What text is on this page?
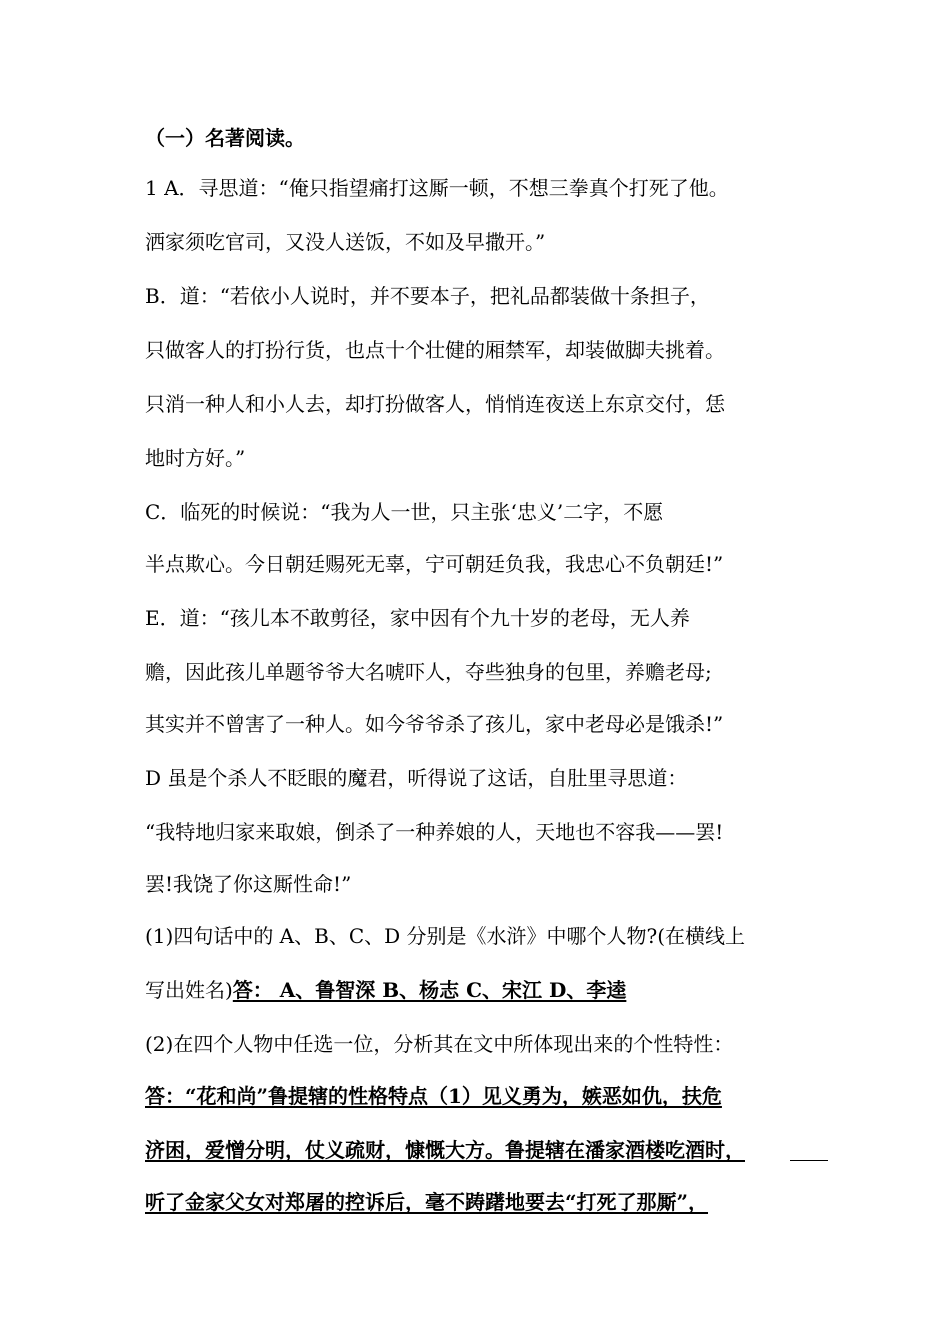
（一）名著阅读。
1 A．寻思道：“俺只指望痛打这厮一顿，不想三拳真个打死了他。
洒家须吃官司，又没人送饭，不如及早撒开。”
B．道：“若依小人说时，并不要本子，把礼品都装做十条担子，
只做客人的打扮行货，也点十个壮健的厢禁军，却装做脚夫挑着。
只消一种人和小人去，却打扮做客人，悄悄连夜送上东京交付，恁
地时方好。”
C．临死的时候说：“我为人一世，只主张‘忠义’二字，不愿
半点欺心。今日朝廷赐死无辜，宁可朝廷负我，我忠心不负朝廷!”
E．道：“孩儿本不敢剪径，家中因有个九十岁的老母，无人养
赡，因此孩儿单题爷爷大名唬吓人，夺些独身的包里，养赡老母;
其实并不曾害了一种人。如今爷爷杀了孩儿，家中老母必是饿杀!”
D 虽是个杀人不眨眼的魔君，听得说了这话，自肚里寻思道：
“我特地归家来取娘，倒杀了一种养娘的人，天地也不容我——罢!
罢!我饶了你这厮性命!”
(1)四句话中的 A、B、C、D 分别是《水浒》中哪个人物?(在横线上
写出姓名)答： A、鲁智深 B、杨志 C、宋江 D、李逵
(2)在四个人物中任选一位，分析其在文中所体现出来的个性特性：
答：“花和尚”鲁提辖的性格特点（1）见义勇为，嫉恶如仇，扶危
济困，爱憎分明，仗义疏财，慷慨大方。鲁提辖在潘家酒楼吃酒时，
听了金家父女对郑屠的控诉后，毫不踌躇地要去“打死了那厮”，
